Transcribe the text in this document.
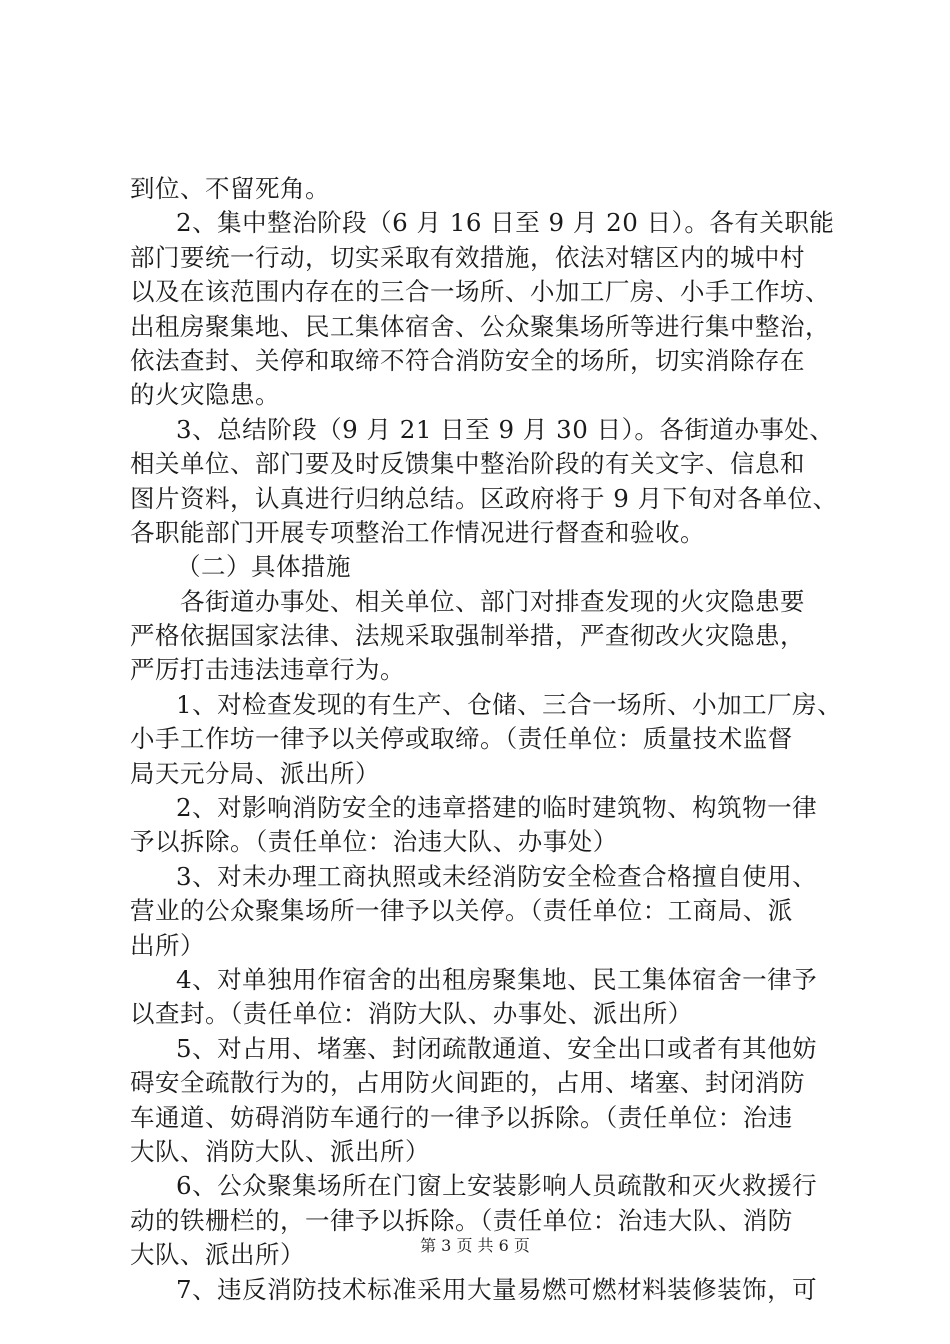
到位、不留死角。
2、集中整治阶段（6 月 16 日至 9 月 20 日）。各有关职能
部门要统一行动，切实采取有效措施，依法对辖区内的城中村
以及在该范围内存在的三合一场所、小加工厂房、小手工作坊、
出租房聚集地、民工集体宿舍、公众聚集场所等进行集中整治，
依法查封、关停和取缔不符合消防安全的场所，切实消除存在
的火灾隐患。
3、总结阶段（9 月 21 日至 9 月 30 日）。各街道办事处、
相关单位、部门要及时反馈集中整治阶段的有关文字、信息和
图片资料，认真进行归纳总结。区政府将于 9 月下旬对各单位、
各职能部门开展专项整治工作情况进行督查和验收。
（二）具体措施
各街道办事处、相关单位、部门对排查发现的火灾隐患要
严格依据国家法律、法规采取强制举措，严查彻改火灾隐患，
严厉打击违法违章行为。
1、对检查发现的有生产、仓储、三合一场所、小加工厂房、
小手工作坊一律予以关停或取缔。（责任单位：质量技术监督
局天元分局、派出所）
2、对影响消防安全的违章搭建的临时建筑物、构筑物一律
予以拆除。（责任单位：治违大队、办事处）
3、对未办理工商执照或未经消防安全检查合格擅自使用、
营业的公众聚集场所一律予以关停。（责任单位：工商局、派
出所）
4、对单独用作宿舍的出租房聚集地、民工集体宿舍一律予
以查封。（责任单位：消防大队、办事处、派出所）
5、对占用、堵塞、封闭疏散通道、安全出口或者有其他妨
碍安全疏散行为的，占用防火间距的，占用、堵塞、封闭消防
车通道、妨碍消防车通行的一律予以拆除。（责任单位：治违
大队、消防大队、派出所）
6、公众聚集场所在门窗上安装影响人员疏散和灭火救援行
动的铁栅栏的，一律予以拆除。（责任单位：治违大队、消防
大队、派出所）
7、违反消防技术标准采用大量易燃可燃材料装修装饰，可
第 3 页 共 6 页
